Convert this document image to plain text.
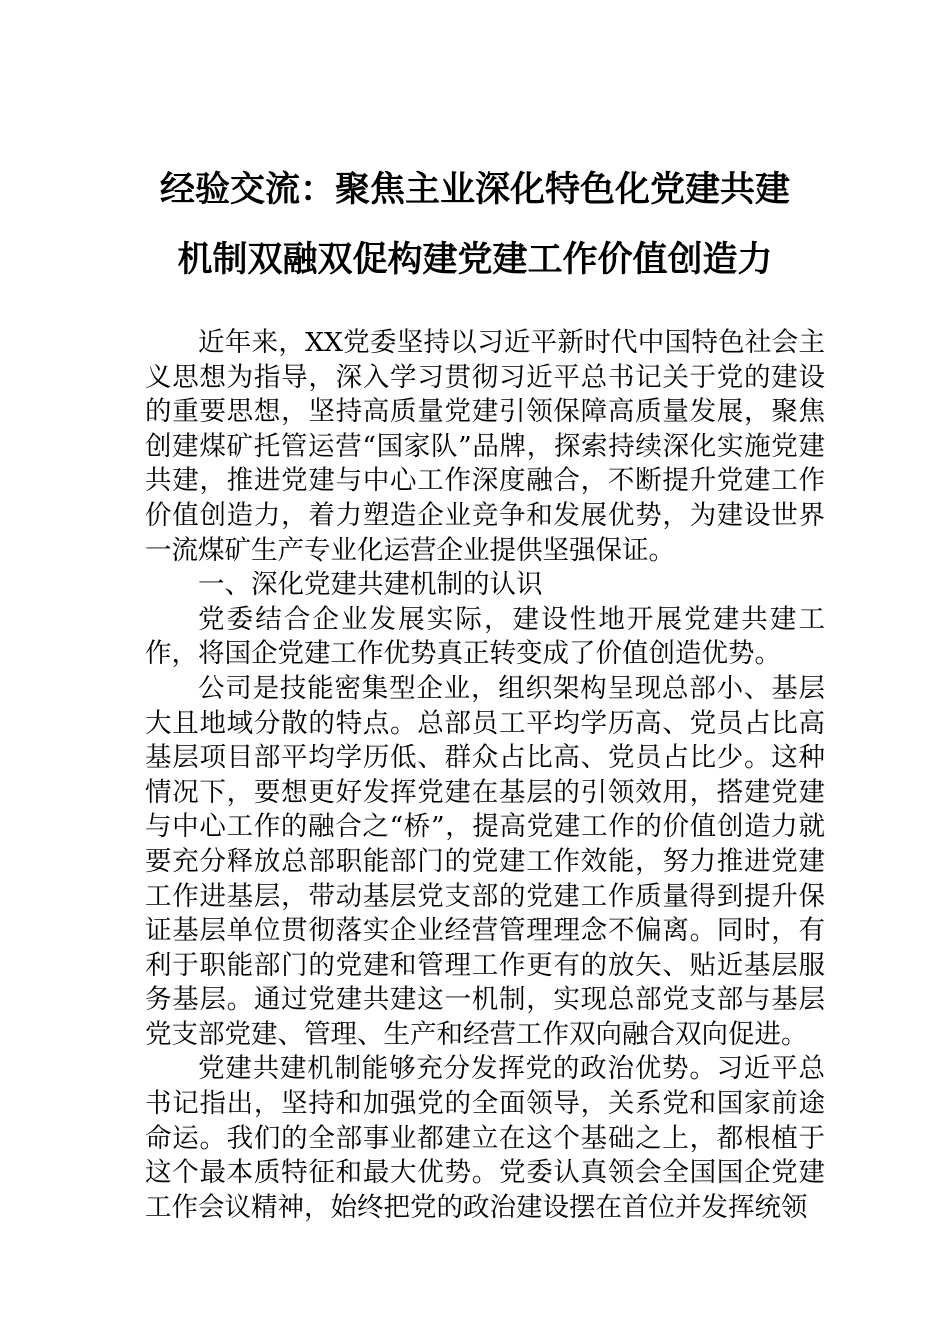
经验交流：聚焦主业深化特色化党建共建
机制双融双促构建党建工作价值创造力

近年来，XX党委坚持以习近平新时代中国特色社会主义思想为指导，深入学习贯彻习近平总书记关于党的建设的重要思想，坚持高质量党建引领保障高质量发展，聚焦创建煤矿托管运营“国家队”品牌，探索持续深化实施党建共建，推进党建与中心工作深度融合，不断提升党建工作价值创造力，着力塑造企业竞争和发展优势，为建设世界一流煤矿生产专业化运营企业提供坚强保证。

一、深化党建共建机制的认识

党委结合企业发展实际，建设性地开展党建共建工作，将国企党建工作优势真正转变成了价值创造优势。

公司是技能密集型企业，组织架构呈现总部小、基层大且地域分散的特点。总部员工平均学历高、党员占比高基层项目部平均学历低、群众占比高、党员占比少。这种情况下，要想更好发挥党建在基层的引领效用，搭建党建与中心工作的融合之“桥”，提高党建工作的价值创造力就要充分释放总部职能部门的党建工作效能，努力推进党建工作进基层，带动基层党支部的党建工作质量得到提升保证基层单位贯彻落实企业经营管理理念不偏离。同时，有利于职能部门的党建和管理工作更有的放矢、贴近基层服务基层。通过党建共建这一机制，实现总部党支部与基层党支部党建、管理、生产和经营工作双向融合双向促进。

党建共建机制能够充分发挥党的政治优势。习近平总书记指出，坚持和加强党的全面领导，关系党和国家前途命运。我们的全部事业都建立在这个基础之上，都根植于这个最本质特征和最大优势。党委认真领会全国国企党建工作会议精神，始终把党的政治建设摆在首位并发挥统领
